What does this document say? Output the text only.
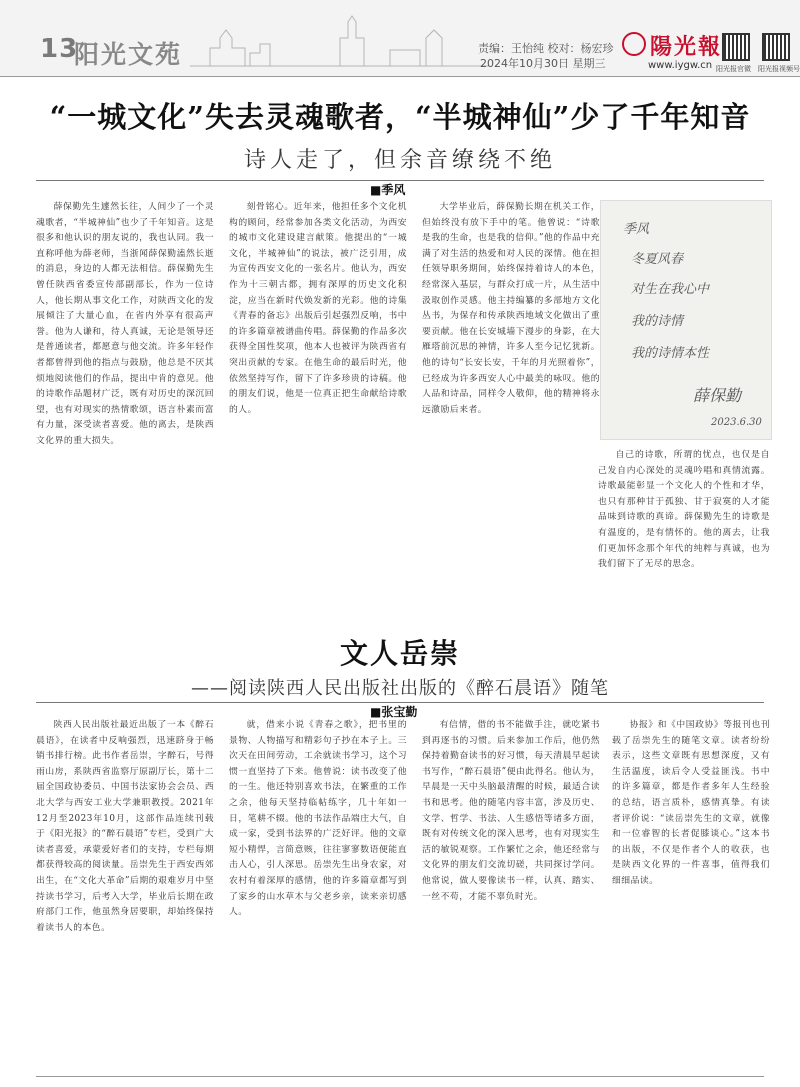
13
阳光文苑	责编：王怡纯 校对：杨宏珍
2024年10月30日 星期三
陽光報
www.iygw.cn 阳光报官微 阳光报视频号
“一城文化”失去灵魂歌者，“半城神仙”少了千年知音
诗人走了，但余音缭绕不绝
■季风
薛保勤先生遽然长往，人间少了一个灵魂歌者，“半城神仙”也少了千年知音。这是很多和他认识的朋友说的，我也认同。我一直称呼他为薛老师，当浙闻薛保勤溘然长逝的消息，身边的人都无法相信。薛保勤先生曾任陕西省委宣传部副部长，作为一位诗人，他长期从事文化工作，对陕西文化的发展倾注了大量心血，在省内外享有很高声誉。他为人谦和，待人真诚，无论是领导还是普通读者，都愿意与他交流。许多年轻作者都曾得到他的指点与鼓励，他总是不厌其烦地阅读他们的作品，提出中肯的意见。他的诗歌作品题材广泛，既有对历史的深沉回望，也有对现实的热情歌颂，语言朴素而富有力量，深受读者喜爱。他的离去，是陕西文化界的重大损失。
刻骨铭心。近年来，他担任多个文化机构的顾问，经常参加各类文化活动，为西安的城市文化建设建言献策。他提出的“一城文化，半城神仙”的说法，被广泛引用，成为宣传西安文化的一张名片。他认为，西安作为十三朝古都，拥有深厚的历史文化积淀，应当在新时代焕发新的光彩。他的诗集《青春的备忘》出版后引起强烈反响，书中的许多篇章被谱曲传唱。薛保勤的作品多次获得全国性奖项，他本人也被评为陕西省有突出贡献的专家。在他生命的最后时光，他依然坚持写作，留下了许多珍贵的诗稿。他的朋友们说，他是一位真正把生命献给诗歌的人。
大学毕业后，薛保勤长期在机关工作，但始终没有放下手中的笔。他曾说：“诗歌是我的生命，也是我的信仰。”他的作品中充满了对生活的热爱和对人民的深情。他在担任领导职务期间，始终保持着诗人的本色，经常深入基层，与群众打成一片，从生活中汲取创作灵感。他主持编纂的多部地方文化丛书，为保存和传承陕西地域文化做出了重要贡献。他在长安城墙下漫步的身影，在大雁塔前沉思的神情，许多人至今记忆犹新。他的诗句“长安长安，千年的月光照着你”，已经成为许多西安人心中最美的咏叹。他的人品和诗品，同样令人敬仰，他的精神将永远激励后来者。
季风
冬夏风春
对生在我心中
我的诗情
我的诗情本性
薛保勤
2023.6.30
自己的诗歌，所谓的忧点，也仅是自己发自内心深处的灵魂吟唱和真情流露。诗歌最能彰显一个文化人的个性和才华，也只有那种甘于孤独、甘于寂寞的人才能品味到诗歌的真谛。薛保勤先生的诗歌是有温度的，是有情怀的。他的离去，让我们更加怀念那个年代的纯粹与真诚，也为我们留下了无尽的思念。
文人岳崇
——阅读陕西人民出版社出版的《醉石晨语》随笔
■张宝勤
陕西人民出版社最近出版了一本《醉石晨语》，在读者中反响强烈，迅速跻身于畅销书排行榜。此书作者岳崇，字醉石，号得雨山房，系陕西省监察厅原副厅长，第十二届全国政协委员、中国书法家协会会员、西北大学与西安工业大学兼职教授。2021年12月至2023年10月，这部作品连续刊载于《阳光报》的“醉石晨语”专栏，受到广大读者喜爱，承蒙爱好者们的支持，专栏每期都获得较高的阅读量。岳崇先生于西安西郊出生，在“文化大革命”后期的艰难岁月中坚持读书学习，后考入大学，毕业后长期在政府部门工作，他虽然身居要职，却始终保持着读书人的本色。
就，借来小说《青春之歌》，把书里的景物、人物描写和精彩句子抄在本子上。三次天在田间劳动，工余就读书学习，这个习惯一直坚持了下来。他曾说：读书改变了他的一生。他还特别喜欢书法，在繁重的工作之余，他每天坚持临帖练字，几十年如一日，笔耕不辍。他的书法作品端庄大气，自成一家，受到书法界的广泛好评。他的文章短小精悍，言简意赅，往往寥寥数语便能直击人心，引人深思。岳崇先生出身农家，对农村有着深厚的感情，他的许多篇章都写到了家乡的山水草木与父老乡亲，读来亲切感人。
有信情，借的书不能做手注，就吃紧书到再逐书的习惯。后来参加工作后，他仍然保持着勤奋读书的好习惯，每天清晨早起读书写作，“醉石晨语”便由此得名。他认为，早晨是一天中头脑最清醒的时候，最适合读书和思考。他的随笔内容丰富，涉及历史、文学、哲学、书法、人生感悟等诸多方面，既有对传统文化的深入思考，也有对现实生活的敏锐观察。工作繁忙之余，他还经常与文化界的朋友们交流切磋，共同探讨学问。他常说，做人要像读书一样，认真、踏实、一丝不苟，才能不辜负时光。
协报》和《中国政协》等报刊也刊载了岳崇先生的随笔文章。读者纷纷表示，这些文章既有思想深度，又有生活温度，读后令人受益匪浅。书中的许多篇章，都是作者多年人生经验的总结，语言质朴，感情真挚。有读者评价说：“读岳崇先生的文章，就像和一位睿智的长者促膝谈心。”这本书的出版，不仅是作者个人的收获，也是陕西文化界的一件喜事，值得我们细细品读。
